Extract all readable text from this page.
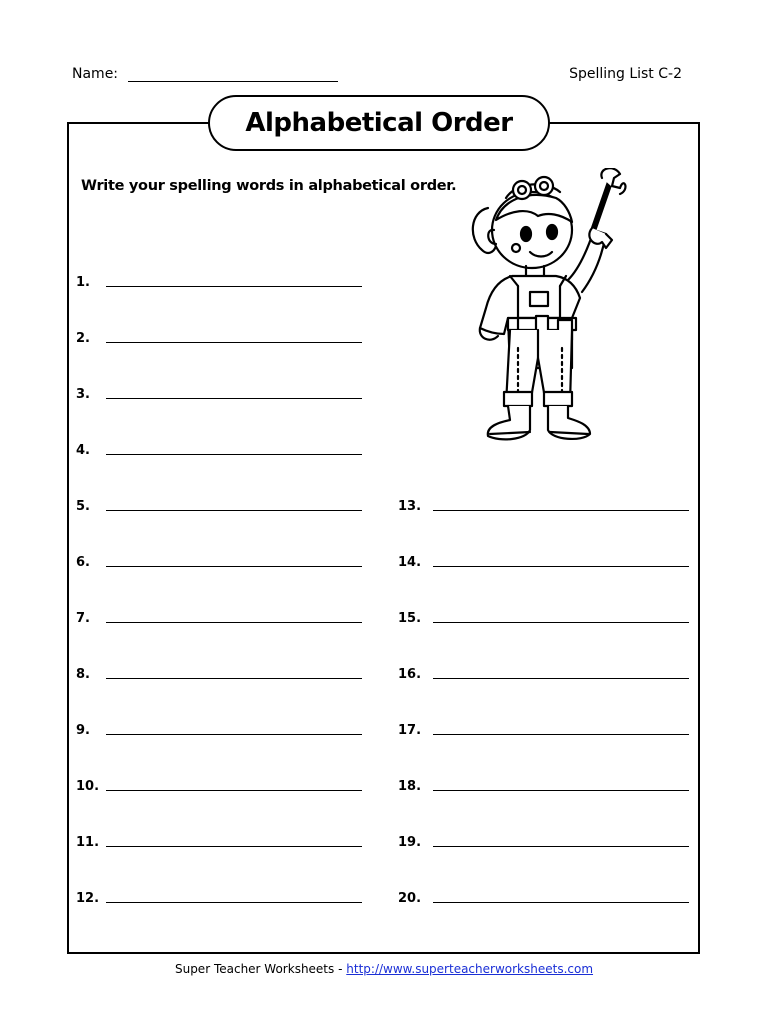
Name:	Spelling List C-2
Alphabetical Order
Write your spelling words in alphabetical order.
1.
2.
3.
4.
5.
6.
7.
8.
9.
10.
11.
12.
13.
14.
15.
16.
17.
18.
19.
20.
Super Teacher Worksheets - http://www.superteacherworksheets.com
